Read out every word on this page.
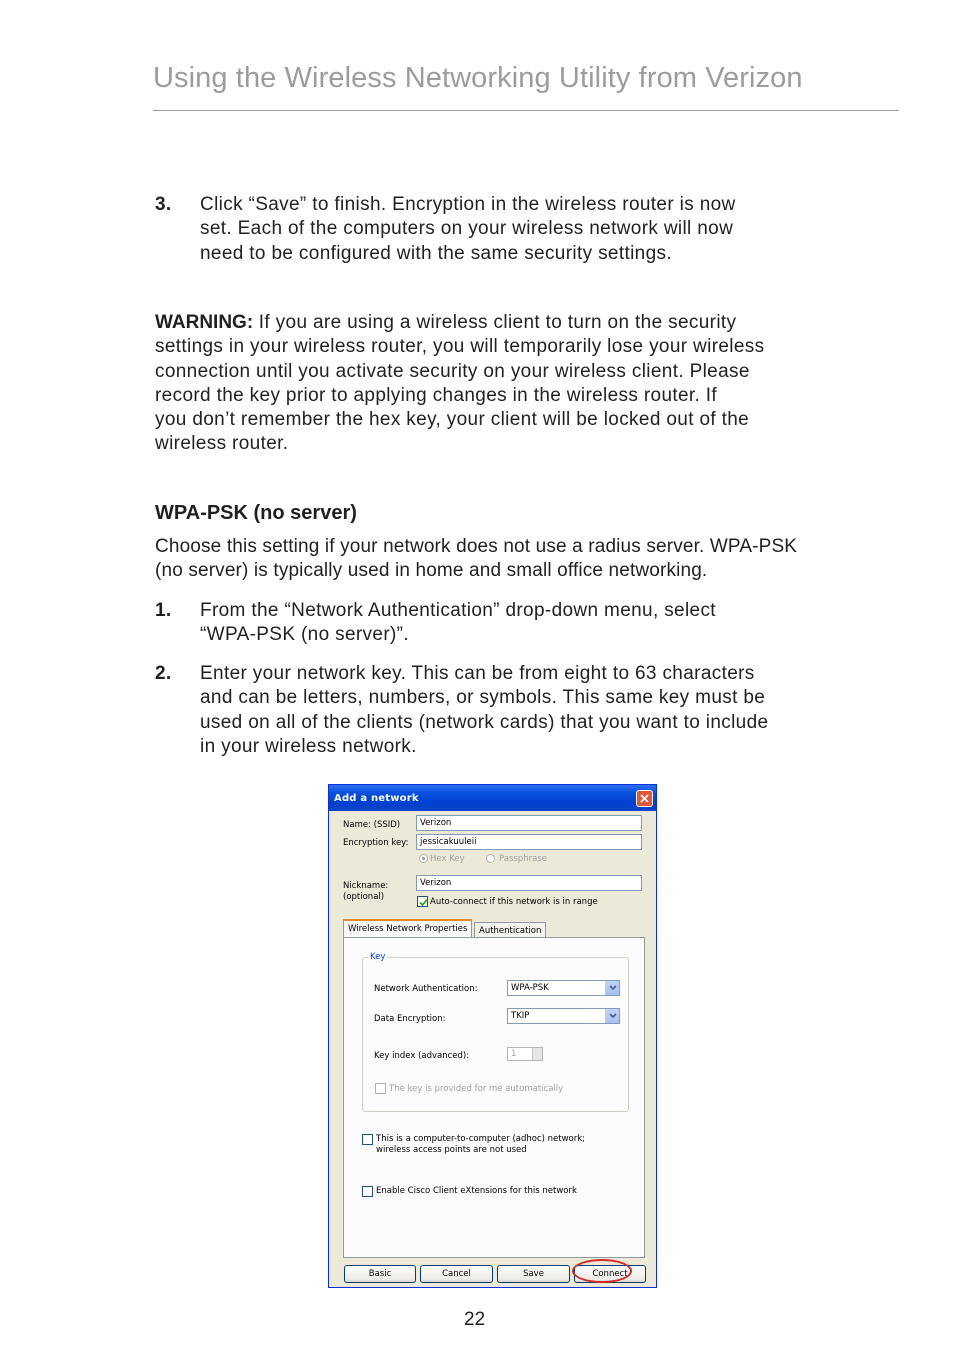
Using the Wireless Networking Utility from Verizon
3. Click “Save” to finish. Encryption in the wireless router is now
set. Each of the computers on your wireless network will now
need to be configured with the same security settings.
WARNING: If you are using a wireless client to turn on the security
settings in your wireless router, you will temporarily lose your wireless
connection until you activate security on your wireless client. Please
record the key prior to applying changes in the wireless router. If
you don’t remember the hex key, your client will be locked out of the
wireless router.
WPA-PSK (no server)
Choose this setting if your network does not use a radius server. WPA-PSK
(no server) is typically used in home and small office networking.
1. From the “Network Authentication” drop-down menu, select
“WPA-PSK (no server)”.
2. Enter your network key. This can be from eight to 63 characters
and can be letters, numbers, or symbols. This same key must be
used on all of the clients (network cards) that you want to include
in your wireless network.
Add a network
Name: (SSID)	Verizon
Encryption key:	jessicakuuleii
Hex Key	Passphrase
Nickname:
(optional)
Verizon
Auto-connect if this network is in range
Wireless Network Properties	Authentication
Key
Network Authentication:	WPA-PSK
Data Encryption:	TKIP
Key index (advanced):	1
The key is provided for me automatically
This is a computer-to-computer (adhoc) network;
wireless access points are not used
Enable Cisco Client eXtensions for this network
Basic	Cancel	Save	Connect
22
